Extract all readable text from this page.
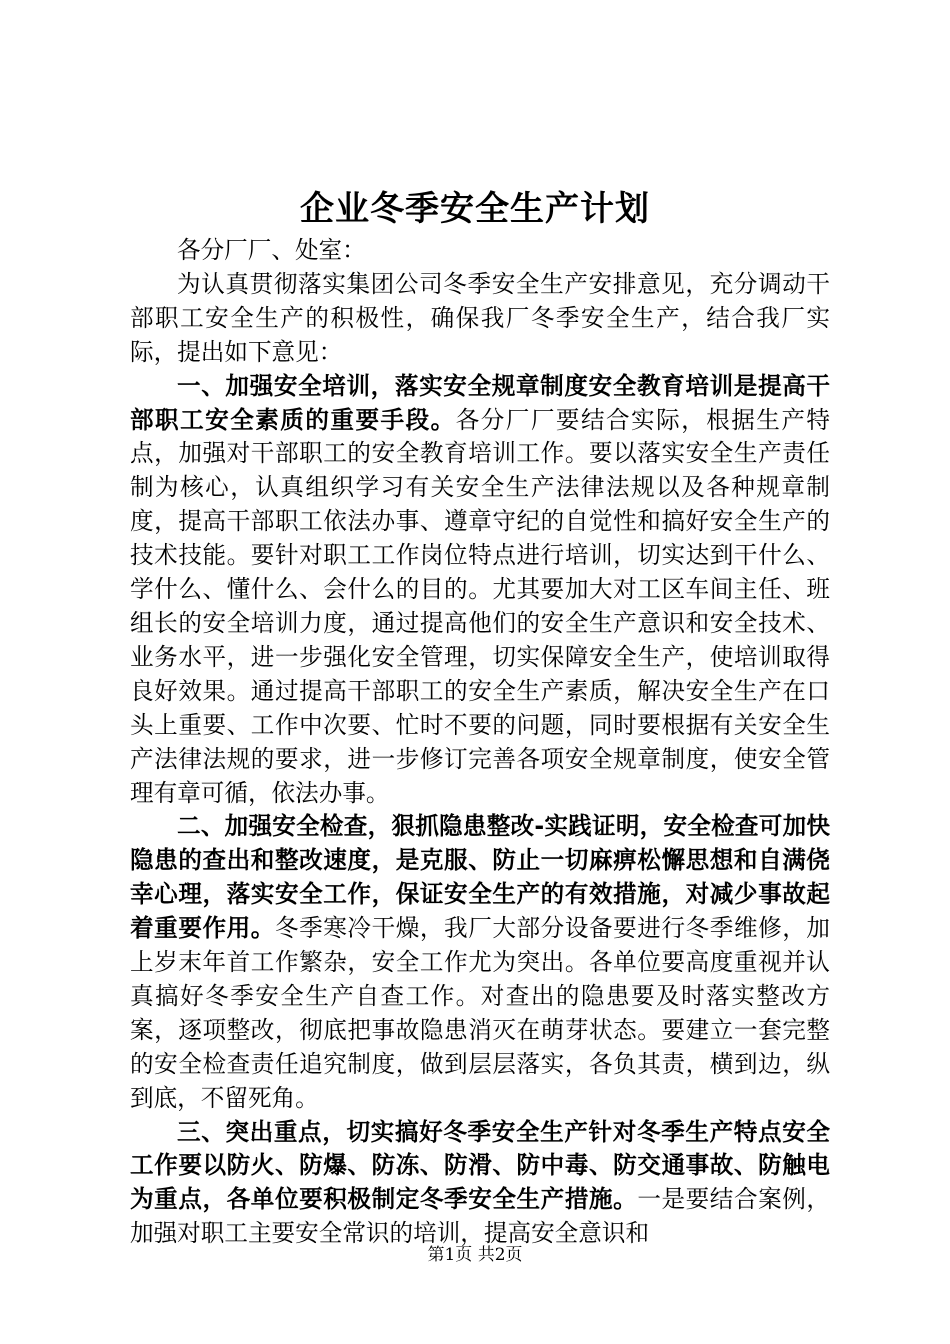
企业冬季安全生产计划

各分厂厂、处室：

为认真贯彻落实集团公司冬季安全生产安排意见，充分调动干部职工安全生产的积极性，确保我厂冬季安全生产，结合我厂实际，提出如下意见：

一、加强安全培训，落实安全规章制度安全教育培训是提高干部职工安全素质的重要手段。各分厂厂要结合实际，根据生产特点，加强对干部职工的安全教育培训工作。要以落实安全生产责任制为核心，认真组织学习有关安全生产法律法规以及各种规章制度，提高干部职工依法办事、遵章守纪的自觉性和搞好安全生产的技术技能。要针对职工工作岗位特点进行培训，切实达到干什么、学什么、懂什么、会什么的目的。尤其要加大对工区车间主任、班组长的安全培训力度，通过提高他们的安全生产意识和安全技术、业务水平，进一步强化安全管理，切实保障安全生产，使培训取得良好效果。通过提高干部职工的安全生产素质，解决安全生产在口头上重要、工作中次要、忙时不要的问题，同时要根据有关安全生产法律法规的要求，进一步修订完善各项安全规章制度，使安全管理有章可循，依法办事。

二、加强安全检查，狠抓隐患整改-实践证明，安全检查可加快隐患的查出和整改速度，是克服、防止一切麻痹松懈思想和自满侥幸心理，落实安全工作，保证安全生产的有效措施，对减少事故起着重要作用。冬季寒冷干燥，我厂大部分设备要进行冬季维修，加上岁末年首工作繁杂，安全工作尤为突出。各单位要高度重视并认真搞好冬季安全生产自查工作。对查出的隐患要及时落实整改方案，逐项整改，彻底把事故隐患消灭在萌芽状态。要建立一套完整的安全检查责任追究制度，做到层层落实，各负其责，横到边，纵到底，不留死角。

三、突出重点，切实搞好冬季安全生产针对冬季生产特点安全工作要以防火、防爆、防冻、防滑、防中毒、防交通事故、防触电为重点，各单位要积极制定冬季安全生产措施。一是要结合案例，加强对职工主要安全常识的培训，提高安全意识和

第1页 共2页
